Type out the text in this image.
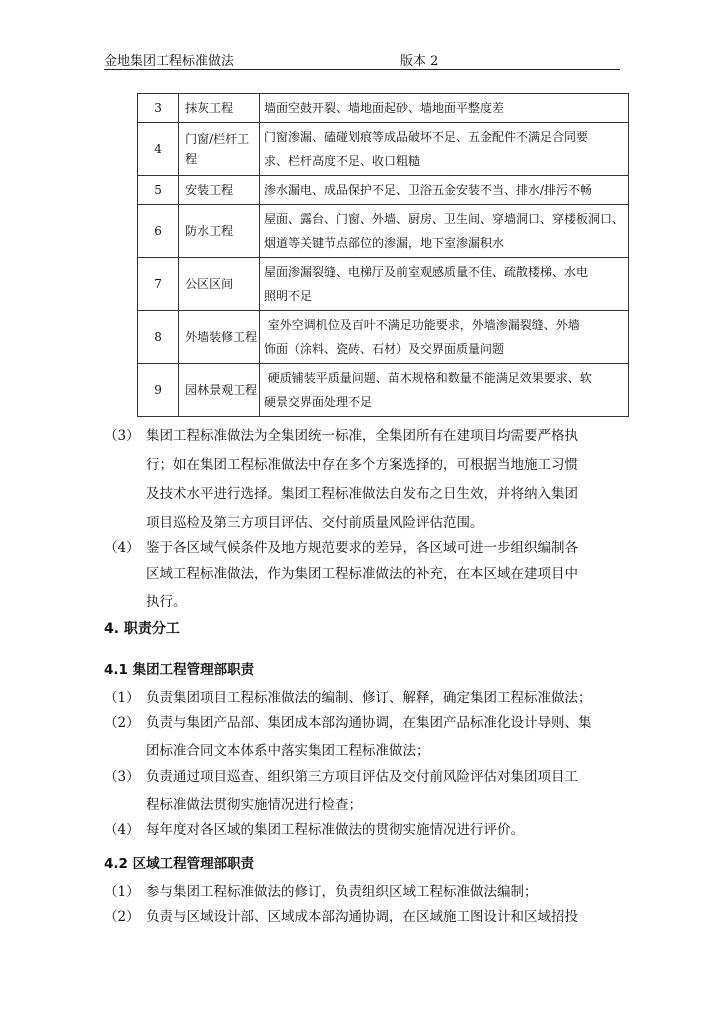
金地集团工程标准做法	版本 2
3	抹灰工程	墙面空鼓开裂、墙地面起砂、墙地面平整度差

4	门窗/栏杆工程	门窗渗漏、磕碰划痕等成品破坏不足、五金配件不满足合同要
求、栏杆高度不足、收口粗糙

5	安装工程	渗水漏电、成品保护不足、卫浴五金安装不当、排水/排污不畅

6	防水工程	屋面、露台、门窗、外墙、厨房、卫生间、穿墙洞口、穿楼板洞口、
烟道等关键节点部位的渗漏，地下室渗漏积水

7	公区区间	屋面渗漏裂缝、电梯厅及前室观感质量不佳、疏散楼梯、水电
照明不足

8	外墙装修工程	室外空调机位及百叶不满足功能要求，外墙渗漏裂缝、外墙
饰面（涂料、瓷砖、石材）及交界面质量问题

9	园林景观工程	硬质铺装平质量问题、苗木规格和数量不能满足效果要求、软
硬景交界面处理不足
（3） 集团工程标准做法为全集团统一标准，全集团所有在建项目均需要严格执
行；如在集团工程标准做法中存在多个方案选择的，可根据当地施工习惯
及技术水平进行选择。集团工程标准做法自发布之日生效，并将纳入集团
项目巡检及第三方项目评估、交付前质量风险评估范围。
（4） 鉴于各区域气候条件及地方规范要求的差异，各区域可进一步组织编制各
区域工程标准做法，作为集团工程标准做法的补充，在本区域在建项目中
执行。
4. 职责分工
4.1 集团工程管理部职责
（1） 负责集团项目工程标准做法的编制、修订、解释，确定集团工程标准做法；
（2） 负责与集团产品部、集团成本部沟通协调，在集团产品标准化设计导则、集
团标准合同文本体系中落实集团工程标准做法；
（3） 负责通过项目巡查、组织第三方项目评估及交付前风险评估对集团项目工
程标准做法贯彻实施情况进行检查；
（4） 每年度对各区域的集团工程标准做法的贯彻实施情况进行评价。
4.2 区域工程管理部职责
（1） 参与集团工程标准做法的修订，负责组织区域工程标准做法编制；
（2） 负责与区域设计部、区域成本部沟通协调，在区域施工图设计和区域招投
